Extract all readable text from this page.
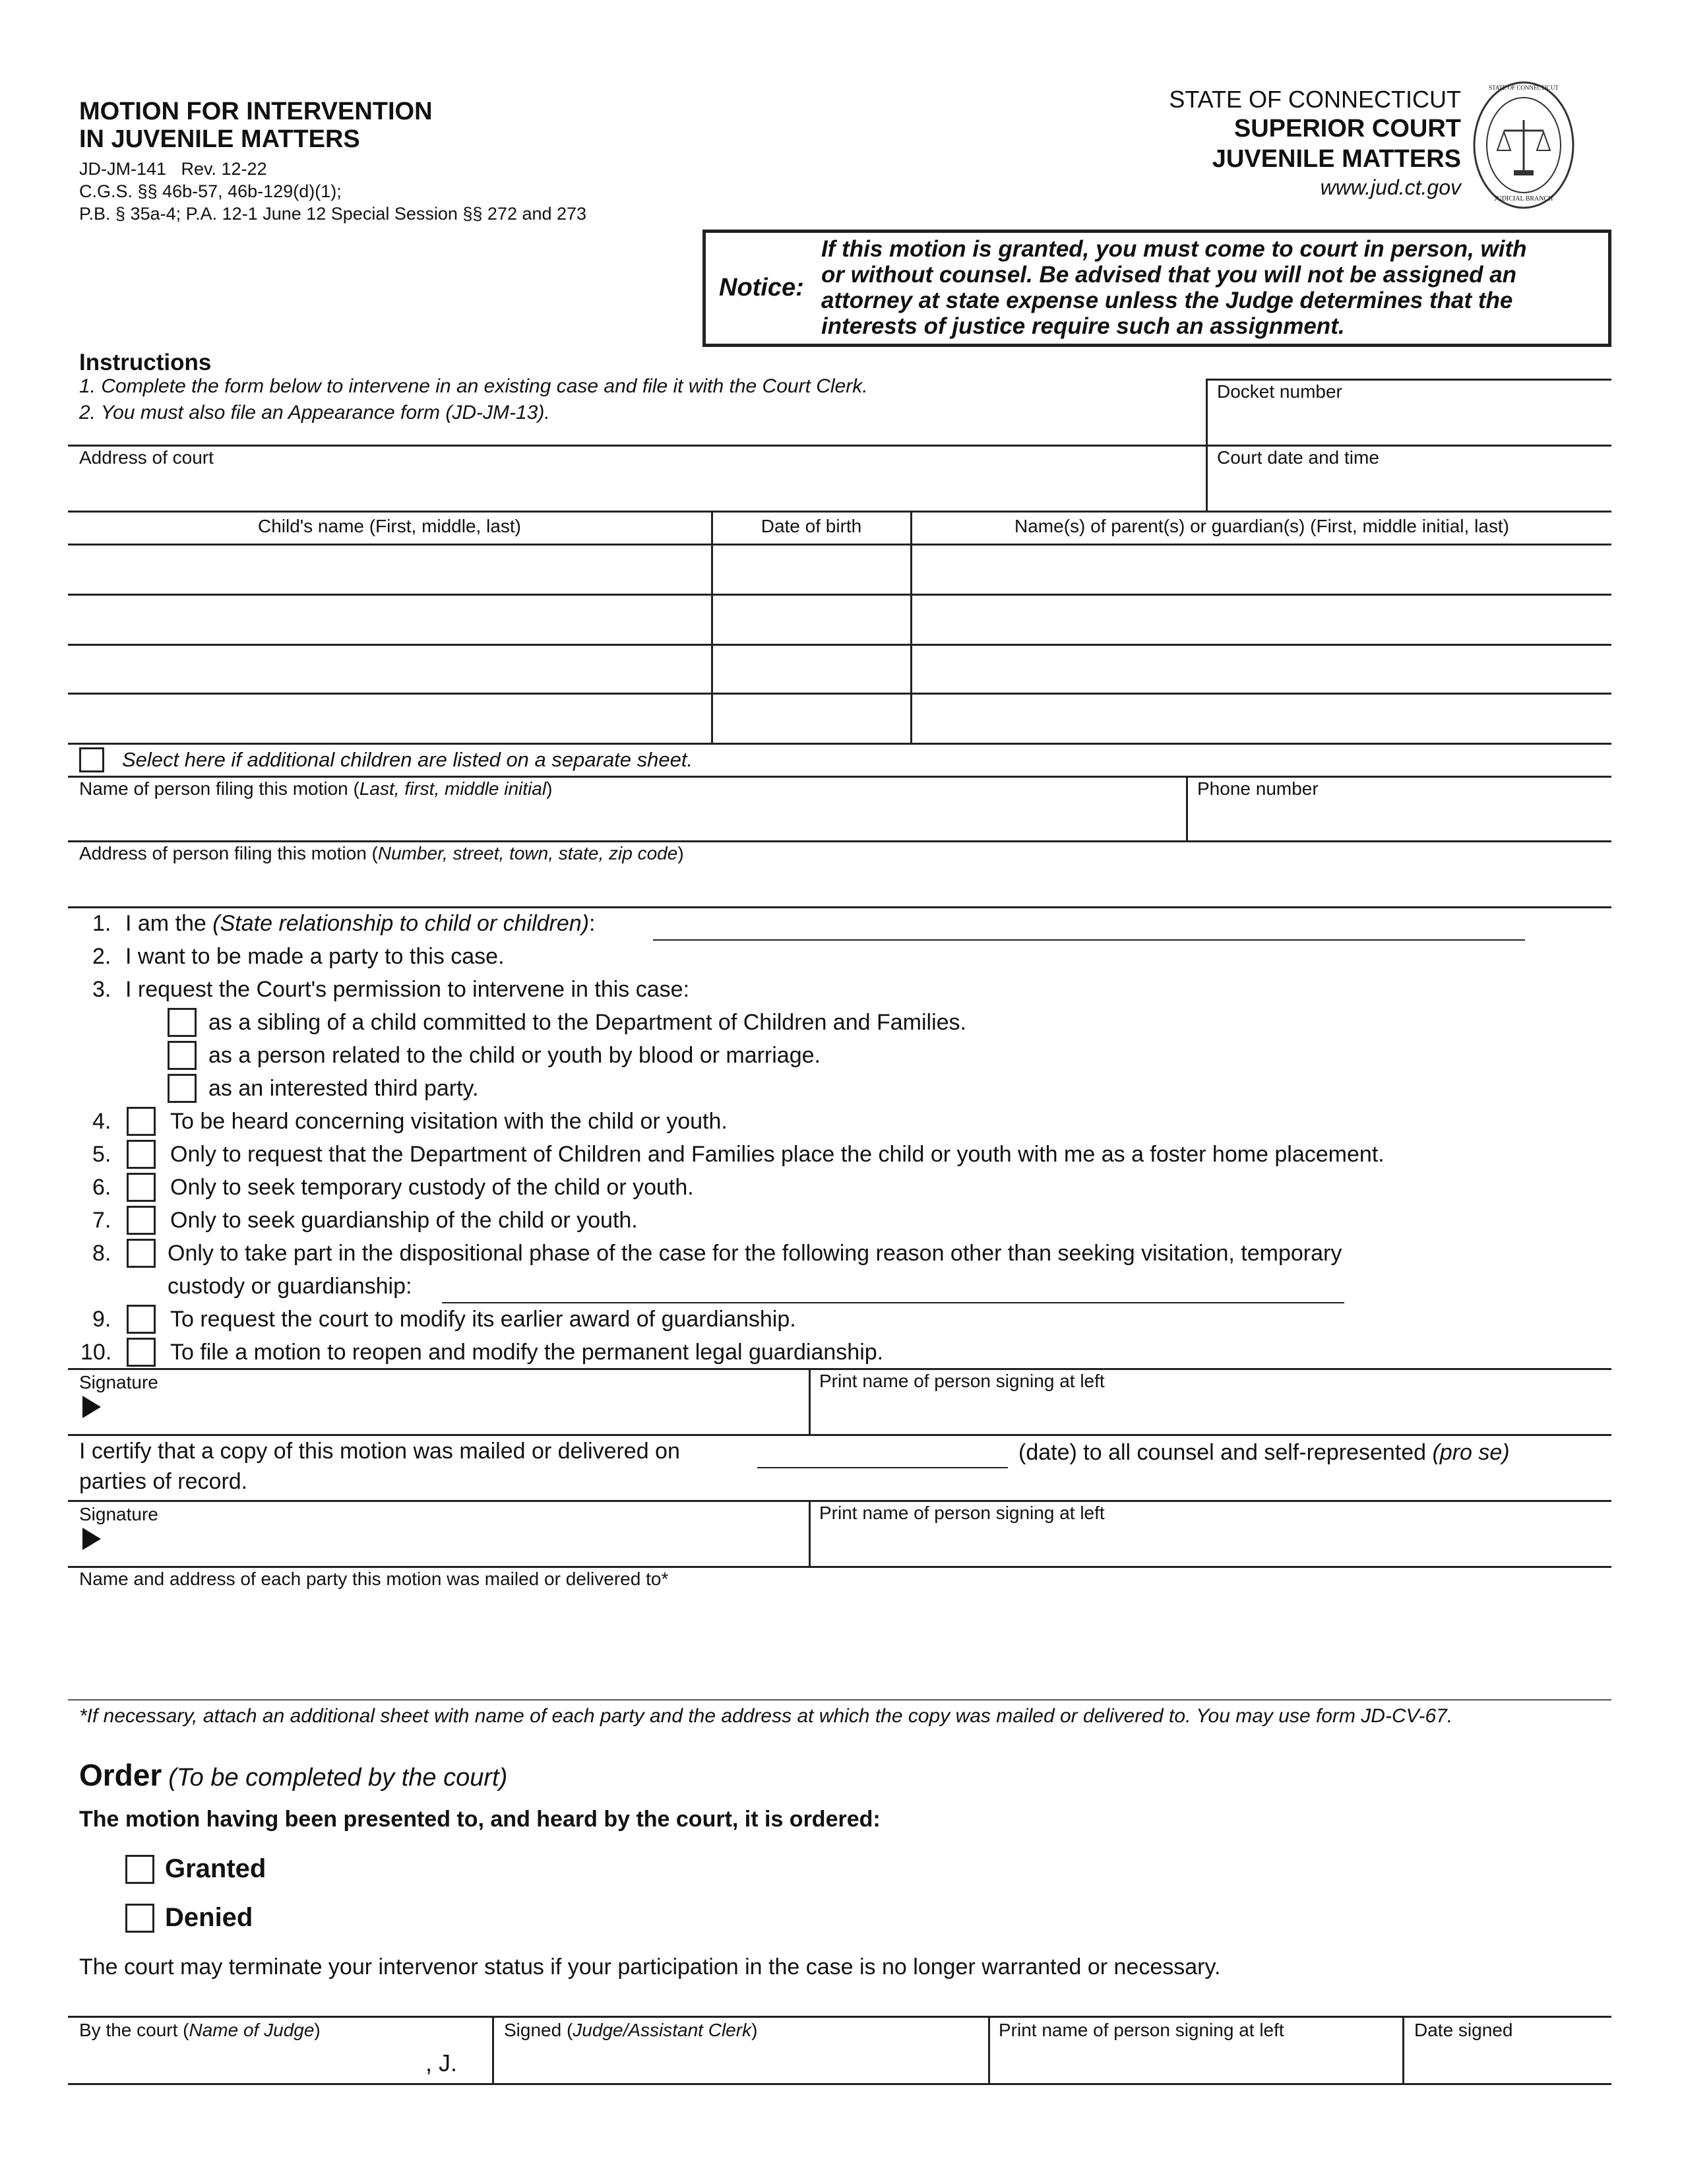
MOTION FOR INTERVENTION
IN JUVENILE MATTERS
JD-JM-141   Rev. 12-22
C.G.S. §§ 46b-57, 46b-129(d)(1);
P.B. § 35a-4; P.A. 12-1 June 12 Special Session §§ 272 and 273
STATE OF CONNECTICUT
SUPERIOR COURT
JUVENILE MATTERS
www.jud.ct.gov
STATE OF CONNECTICUT
JUDICIAL BRANCH
Notice:
If this motion is granted, you must come to court in person, with
or without counsel. Be advised that you will not be assigned an
attorney at state expense unless the Judge determines that the
interests of justice require such an assignment.
Instructions
1. Complete the form below to intervene in an existing case and file it with the Court Clerk.
2. You must also file an Appearance form (JD-JM-13).
Docket number
Address of court	Court date and time
Child's name (First, middle, last)	Date of birth	Name(s) of parent(s) or guardian(s) (First, middle initial, last)
Select here if additional children are listed on a separate sheet.
Name of person filing this motion (Last, first, middle initial)	Phone number
Address of person filing this motion (Number, street, town, state, zip code)
1. I am the (State relationship to child or children):
2. I want to be made a party to this case.
3. I request the Court's permission to intervene in this case:
as a sibling of a child committed to the Department of Children and Families.
as a person related to the child or youth by blood or marriage.
as an interested third party.
4.	To be heard concerning visitation with the child or youth.
5.	Only to request that the Department of Children and Families place the child or youth with me as a foster home placement.
6.	Only to seek temporary custody of the child or youth.
7.	Only to seek guardianship of the child or youth.
8.	Only to take part in the dispositional phase of the case for the following reason other than seeking visitation, temporary
custody or guardianship:
9.	To request the court to modify its earlier award of guardianship.
10.	To file a motion to reopen and modify the permanent legal guardianship.
Signature	Print name of person signing at left
I certify that a copy of this motion was mailed or delivered on	(date) to all counsel and self-represented (pro se)
parties of record.
Signature	Print name of person signing at left
Name and address of each party this motion was mailed or delivered to*
*If necessary, attach an additional sheet with name of each party and the address at which the copy was mailed or delivered to. You may use form JD-CV-67.
Order (To be completed by the court)
The motion having been presented to, and heard by the court, it is ordered:
Granted
Denied
The court may terminate your intervenor status if your participation in the case is no longer warranted or necessary.
By the court (Name of Judge)
, J.
Signed (Judge/Assistant Clerk)	Print name of person signing at left	Date signed
